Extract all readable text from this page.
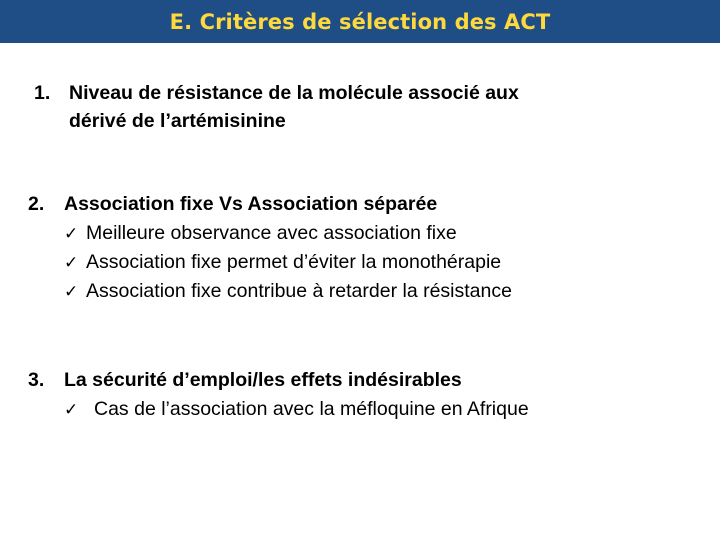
E. Critères de sélection des ACT
1. Niveau de résistance de la molécule associé aux
dérivé de l’artémisinine
2. Association fixe Vs Association séparée
✓ Meilleure observance avec association fixe
✓ Association fixe permet d’éviter la monothérapie
✓ Association fixe contribue à retarder la résistance
3. La sécurité d’emploi/les effets indésirables
✓ Cas de l’association avec la méfloquine en Afrique
